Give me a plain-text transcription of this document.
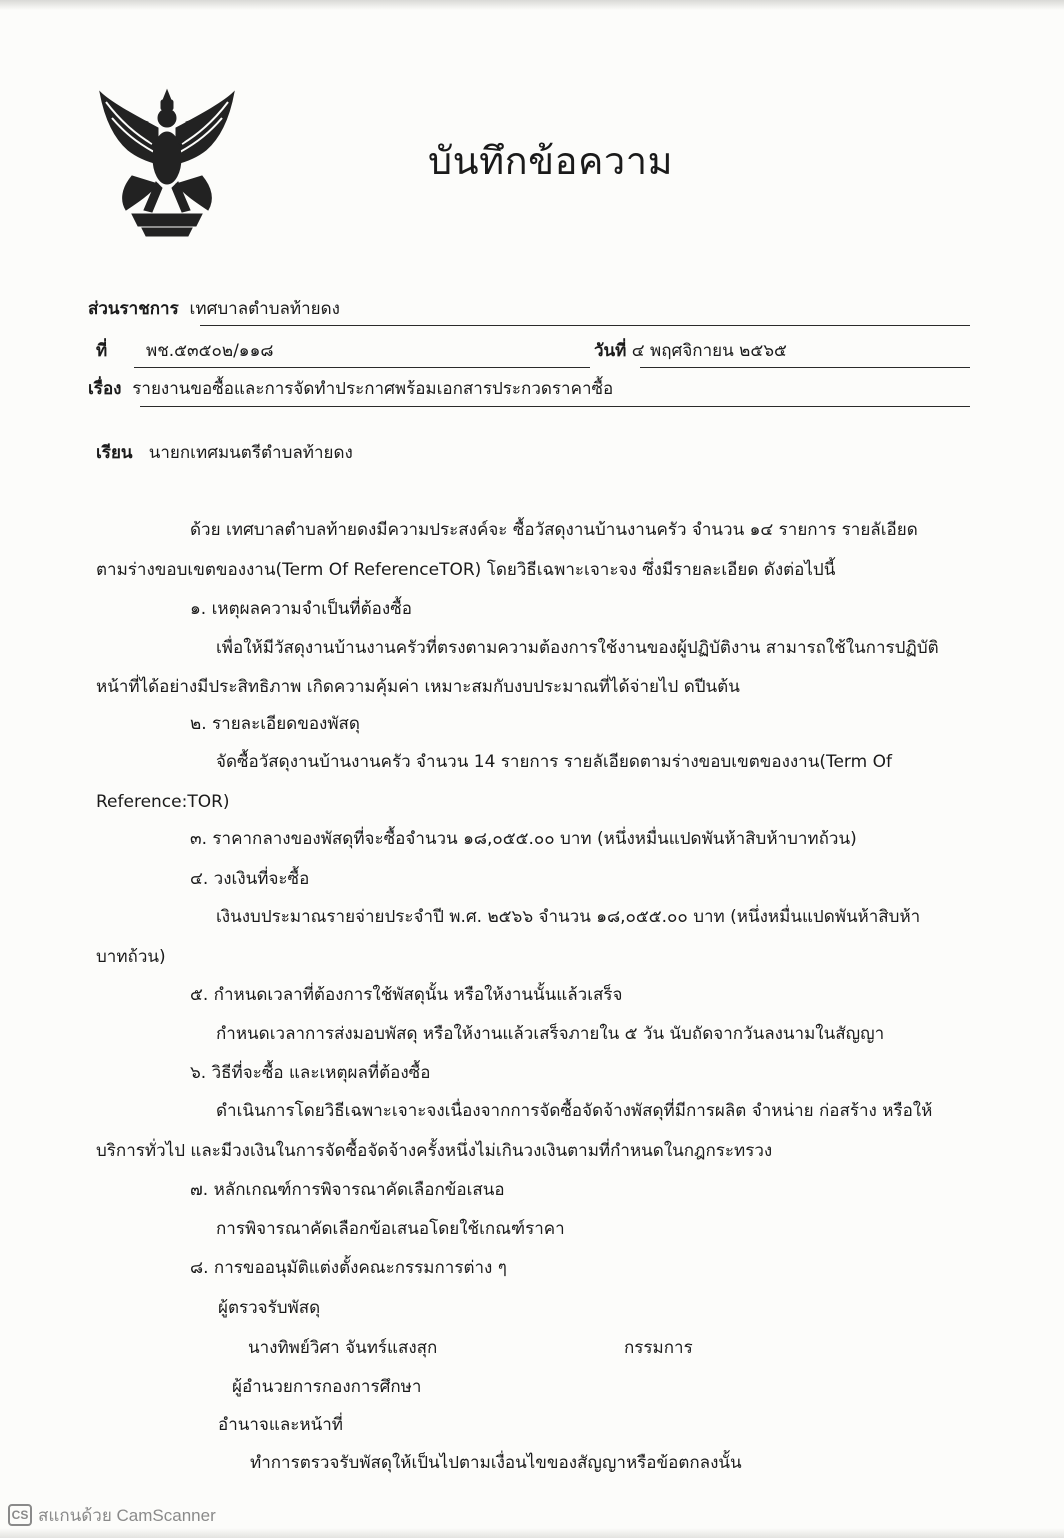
บันทึกข้อความ
ส่วนราชการ เทศบาลตำบลท้ายดง
ที่ พช.๕๓๕๐๒/๑๑๘	วันที่ ๔ พฤศจิกายน ๒๕๖๕
เรื่อง รายงานขอซื้อและการจัดทำประกาศพร้อมเอกสารประกวดราคาซื้อ
เรียน นายกเทศมนตรีตำบลท้ายดง
ด้วย เทศบาลตำบลท้ายดงมีความประสงค์จะ ซื้อวัสดุงานบ้านงานครัว จำนวน ๑๔ รายการ รายลัเอียด
ตามร่างขอบเขตของงาน(Term Of ReferenceTOR) โดยวิธีเฉพาะเจาะจง ซึ่งมีรายละเอียด ดังต่อไปนี้
๑. เหตุผลความจำเป็นที่ต้องซื้อ
เพื่อให้มีวัสดุงานบ้านงานครัวที่ตรงตามความต้องการใช้งานของผู้ปฏิบัติงาน สามารถใช้ในการปฏิบัติ
หน้าที่ได้อย่างมีประสิทธิภาพ เกิดความคุ้มค่า เหมาะสมกับงบประมาณที่ได้จ่ายไป ดปีนต้น
๒. รายละเอียดของพัสดุ
จัดซื้อวัสดุงานบ้านงานครัว จำนวน 14 รายการ รายลัเอียดตามร่างขอบเขตของงาน(Term Of
Reference:TOR)
๓. ราคากลางของพัสดุที่จะซื้อจำนวน ๑๘,๐๕๕.๐๐ บาท (หนึ่งหมื่นแปดพันห้าสิบห้าบาทถ้วน)
๔. วงเงินที่จะซื้อ
เงินงบประมาณรายจ่ายประจำปี พ.ศ. ๒๕๖๖ จำนวน ๑๘,๐๕๕.๐๐ บาท (หนึ่งหมื่นแปดพันห้าสิบห้า
บาทถ้วน)
๕. กำหนดเวลาที่ต้องการใช้พัสดุนั้น หรือให้งานนั้นแล้วเสร็จ
กำหนดเวลาการส่งมอบพัสดุ หรือให้งานแล้วเสร็จภายใน ๕ วัน นับถัดจากวันลงนามในสัญญา
๖. วิธีที่จะซื้อ และเหตุผลที่ต้องซื้อ
ดำเนินการโดยวิธีเฉพาะเจาะจงเนื่องจากการจัดซื้อจัดจ้างพัสดุที่มีการผลิต จำหน่าย ก่อสร้าง หรือให้
บริการทั่วไป และมีวงเงินในการจัดซื้อจัดจ้างครั้งหนึ่งไม่เกินวงเงินตามที่กำหนดในกฎกระทรวง
๗. หลักเกณฑ์การพิจารณาคัดเลือกข้อเสนอ
การพิจารณาคัดเลือกข้อเสนอโดยใช้เกณฑ์ราคา
๘. การขออนุมัติแต่งตั้งคณะกรรมการต่าง ๆ
ผู้ตรวจรับพัสดุ
นางทิพย์วิศา จันทร์แสงสุก	กรรมการ
ผู้อำนวยการกองการศึกษา
อำนาจและหน้าที่
ทำการตรวจรับพัสดุให้เป็นไปตามเงื่อนไขของสัญญาหรือข้อตกลงนั้น
CS สแกนด้วย CamScanner
